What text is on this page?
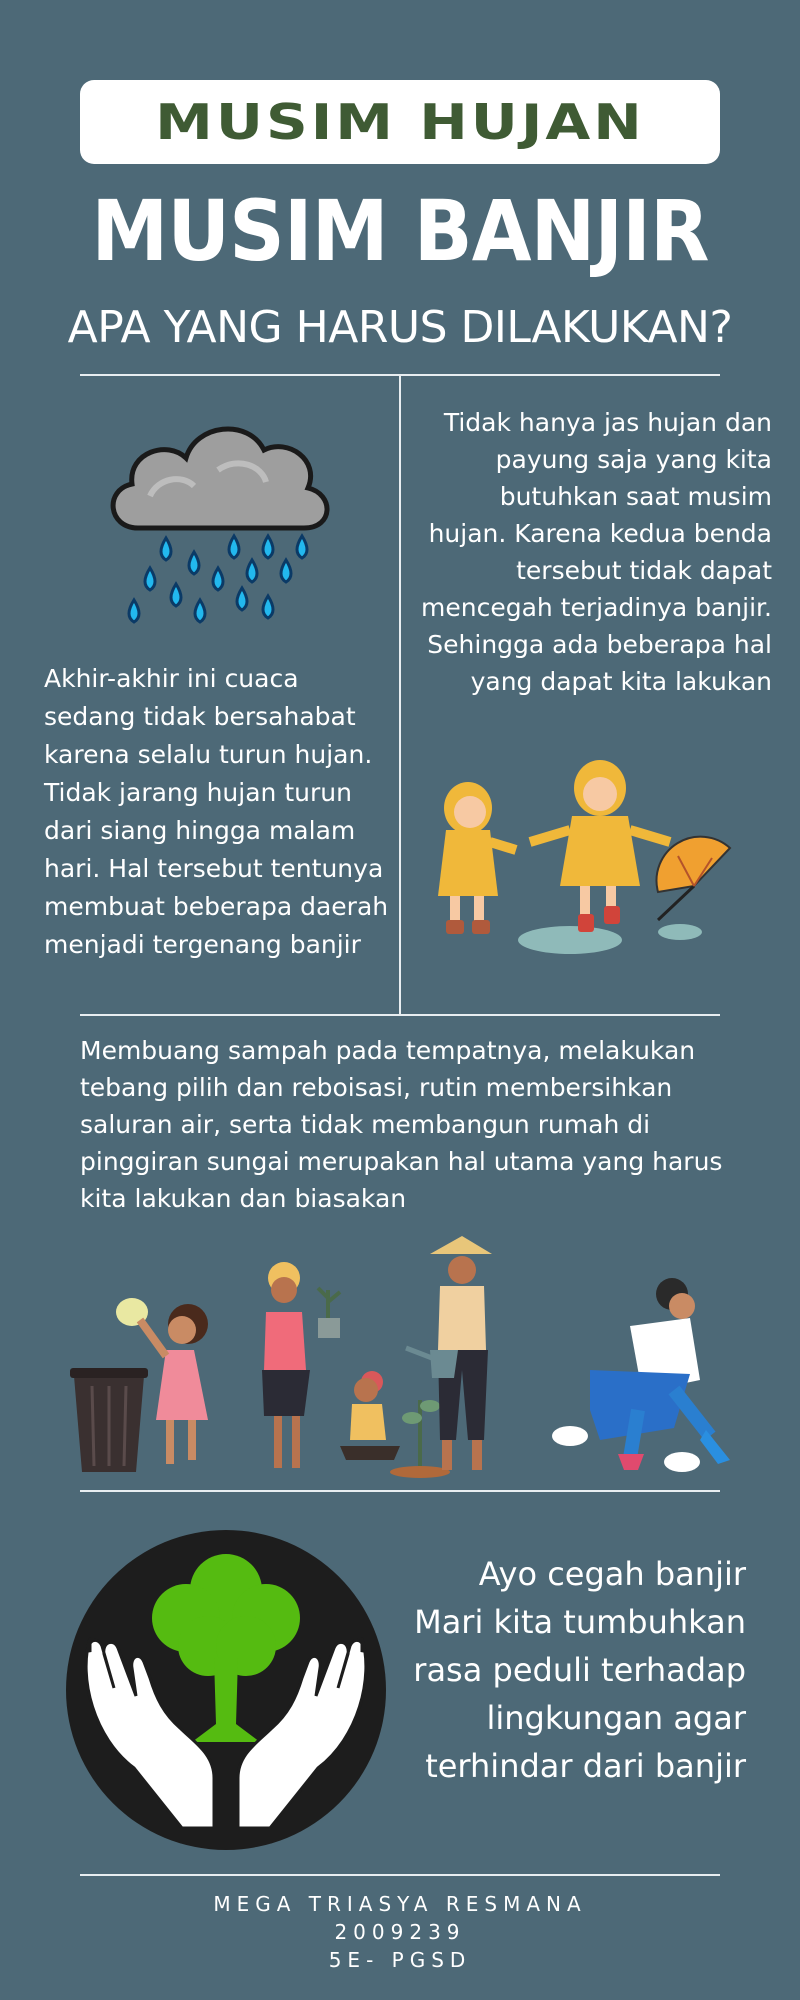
MUSIM HUJAN
MUSIM BANJIR
APA YANG HARUS DILAKUKAN?
Akhir-akhir ini cuaca sedang tidak bersahabat karena selalu turun hujan. Tidak jarang hujan turun dari siang hingga malam hari. Hal tersebut tentunya membuat beberapa daerah menjadi tergenang banjir
Tidak hanya jas hujan dan payung saja yang kita butuhkan saat musim hujan. Karena kedua benda tersebut tidak dapat mencegah terjadinya banjir. Sehingga ada beberapa hal yang dapat kita lakukan
Membuang sampah pada tempatnya, melakukan tebang pilih dan reboisasi, rutin membersihkan saluran air, serta tidak membangun rumah di pinggiran sungai merupakan hal utama yang harus kita lakukan dan biasakan
Ayo cegah banjir
Mari kita tumbuhkan
rasa peduli terhadap
lingkungan agar
terhindar dari banjir
MEGA TRIASYA RESMANA
2009239
5E- PGSD
